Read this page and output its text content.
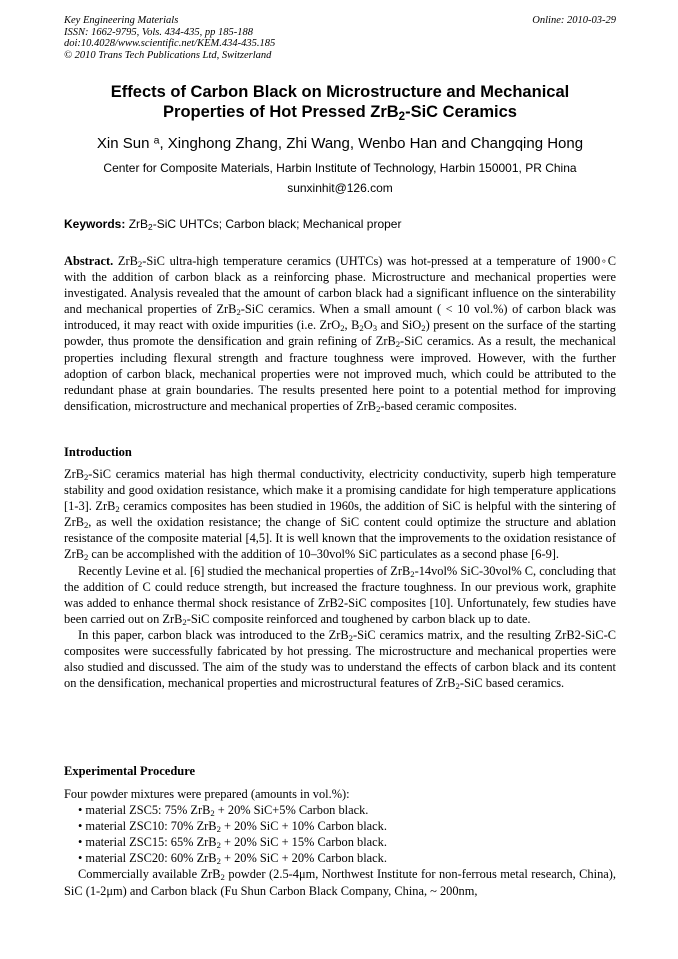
Key Engineering Materials
ISSN: 1662-9795, Vols. 434-435, pp 185-188
doi:10.4028/www.scientific.net/KEM.434-435.185
© 2010 Trans Tech Publications Ltd, Switzerland
Online: 2010-03-29
Effects of Carbon Black on Microstructure and Mechanical
Properties of Hot Pressed ZrB$_2$-SiC Ceramics
Xin Sun $^a$, Xinghong Zhang, Zhi Wang, Wenbo Han and Changqing Hong
Center for Composite Materials, Harbin Institute of Technology, Harbin 150001, PR China
sunxinhit@126.com
Keywords: ZrB$_2$-SiC UHTCs; Carbon black; Mechanical proper
Abstract. ZrB$_2$-SiC ultra-high temperature ceramics (UHTCs) was hot-pressed at a temperature of 1900◦C with the addition of carbon black as a reinforcing phase. Microstructure and mechanical properties were investigated. Analysis revealed that the amount of carbon black had a significant influence on the sinterability and mechanical properties of ZrB$_2$-SiC ceramics. When a small amount ( < 10 vol.%) of carbon black was introduced, it may react with oxide impurities (i.e. ZrO$_2$, $B_2O_3$ and SiO$_2$) present on the surface of the starting powder, thus promote the densification and grain refining of ZrB$_2$-SiC ceramics. As a result, the mechanical properties including flexural strength and fracture toughness were improved. However, with the further adoption of carbon black, mechanical properties were not improved much, which could be attributed to the redundant phase at grain boundaries. The results presented here point to a potential method for improving densification, microstructure and mechanical properties of ZrB$_2$-based ceramic composites.
Introduction

ZrB$_2$-SiC ceramics material has high thermal conductivity, electricity conductivity, superb high temperature stability and good oxidation resistance, which make it a promising candidate for high temperature applications [1-3]. ZrB$_2$ ceramics composites has been studied in 1960s, the addition of SiC is helpful with the sintering of ZrB$_2$, as well the oxidation resistance; the change of SiC content could optimize the structure and ablation resistance of the composite material [4,5]. It is well known that the improvements to the oxidation resistance of ZrB$_2$ can be accomplished with the addition of 10–30vol% SiC particulates as a second phase [6-9].

Recently Levine et al. [6] studied the mechanical properties of ZrB$_2$-14vol% SiC-30vol% C, concluding that the addition of C could reduce strength, but increased the fracture toughness. In our previous work, graphite was added to enhance thermal shock resistance of ZrB2-SiC composites [10]. Unfortunately, few studies have been carried out on ZrB$_2$-SiC composite reinforced and toughened by carbon black up to date.

In this paper, carbon black was introduced to the ZrB$_2$-SiC ceramics matrix, and the resulting ZrB2-SiC-C composites were successfully fabricated by hot pressing. The microstructure and mechanical properties were also studied and discussed. The aim of the study was to understand the effects of carbon black and its content on the densification, mechanical properties and microstructural features of ZrB$_2$-SiC based ceramics.

Experimental Procedure

Four powder mixtures were prepared (amounts in vol.%):

• material ZSC5: 75% ZrB$_2$ + 20% SiC+5% Carbon black.

• material ZSC10: 70% ZrB$_2$ + 20% SiC + 10% Carbon black.

• material ZSC15: 65% ZrB$_2$ + 20% SiC + 15% Carbon black.

• material ZSC20: 60% ZrB$_2$ + 20% SiC + 20% Carbon black.

Commercially available ZrB$_2$ powder (2.5-4μm, Northwest Institute for non-ferrous metal research, China), SiC (1-2μm) and Carbon black (Fu Shun Carbon Black Company, China, ~ 200nm,
